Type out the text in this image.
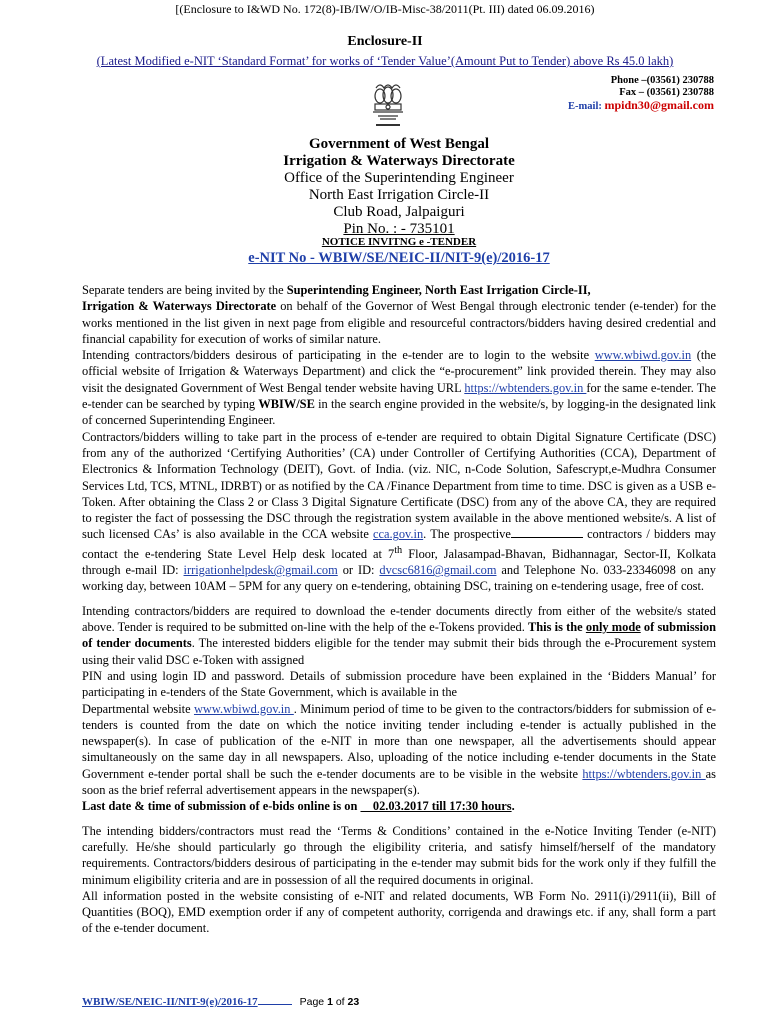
[(Enclosure to I&WD No. 172(8)-IB/IW/O/IB-Misc-38/2011(Pt. III) dated 06.09.2016)
Enclosure-II
(Latest Modified e-NIT ‘Standard Format’ for works of ‘Tender Value’(Amount Put to Tender) above Rs 45.0 lakh)
Phone –(03561) 230788
Fax – (03561) 230788
E-mail: mpidn30@gmail.com
Government of West Bengal
Irrigation & Waterways Directorate
Office of the Superintending Engineer
North East Irrigation Circle-II
Club Road, Jalpaiguri
Pin No. : - 735101
NOTICE INVITNG e -TENDER
e-NIT No - WBIW/SE/NEIC-II/NIT-9(e)/2016-17

Separate tenders are being invited by the Superintending Engineer, North East Irrigation Circle-II,
Irrigation & Waterways Directorate on behalf of the Governor of West Bengal through electronic tender (e-tender) for the works mentioned in the list given in next page from eligible and resourceful contractors/bidders having desired credential and financial capability for execution of works of similar nature.

Intending contractors/bidders desirous of participating in the e-tender are to login to the website www.wbiwd.gov.in (the official website of Irrigation & Waterways Department) and click the “e-procurement” link provided therein. They may also visit the designated Government of West Bengal tender website having URL https://wbtenders.gov.in for the same e-tender. The e-tender can be searched by typing WBIW/SE in the search engine provided in the website/s, by logging-in the designated link of concerned Superintending Engineer.

Contractors/bidders willing to take part in the process of e-tender are required to obtain Digital Signature Certificate (DSC) from any of the authorized ‘Certifying Authorities’ (CA) under Controller of Certifying Authorities (CCA), Department of Electronics & Information Technology (DEIT), Govt. of India. (viz. NIC, n-Code Solution, Safescrypt,e-Mudhra Consumer Services Ltd, TCS, MTNL, IDRBT) or as notified by the CA /Finance Department from time to time. DSC is given as a USB e-Token. After obtaining the Class 2 or Class 3 Digital Signature Certificate (DSC) from any of the above CA, they are required to register the fact of possessing the DSC through the registration system available in the above mentioned website/s. A list of such licensed CAs’ is also available in the CCA website cca.gov.in. The prospective	contractors / bidders may contact the e-tendering State Level Help desk located at 7th Floor, Jalasampad-Bhavan, Bidhannagar, Sector-II, Kolkata through e-mail ID: irrigationhelpdesk@gmail.com or ID: dvcsc6816@gmail.com and Telephone No. 033-23346098 on any working day, between 10AM – 5PM for any query on e-tendering, obtaining DSC, training on e-tendering usage, free of cost.

Intending contractors/bidders are required to download the e-tender documents directly from either of the website/s stated above. Tender is required to be submitted on-line with the help of the e-Tokens provided. This is the only mode of submission of tender documents. The interested bidders eligible for the tender may submit their bids through the e-Procurement system using their valid DSC e-Token with assigned
PIN and using login ID and password. Details of submission procedure have been explained in the ‘Bidders Manual’ for participating in e-tenders of the State Government, which is available in the
Departmental website www.wbiwd.gov.in . Minimum period of time to be given to the contractors/bidders for submission of e-tenders is counted from the date on which the notice inviting tender including e-tender is actually published in the newspaper(s). In case of publication of the e-NIT in more than one newspaper, all the advertisements should appear simultaneously on the same day in all newspapers. Also, uploading of the notice including e-tender documents in the State Government e-tender portal shall be such the e-tender documents are to be visible in the website https://wbtenders.gov.in as soon as the brief referral advertisement appears in the newspaper(s).

Last date & time of submission of e-bids online is on     02.03.2017 till 17:30 hours.

The intending bidders/contractors must read the ‘Terms & Conditions’ contained in the e-Notice Inviting Tender (e-NIT) carefully. He/she should particularly go through the eligibility criteria, and satisfy himself/herself of the mandatory requirements. Contractors/bidders desirous of participating in the e-tender may submit bids for the work only if they fulfill the minimum eligibility criteria and are in possession of all the required documents in original.

All information posted in the website consisting of e-NIT and related documents, WB Form No. 2911(i)/2911(ii), Bill of Quantities (BOQ), EMD exemption order if any of competent authority, corrigenda and drawings etc. if any, shall form a part of the e-tender document.

WBIW/SE/NEIC-II/NIT-9(e)/2016-17	Page 1 of 23
